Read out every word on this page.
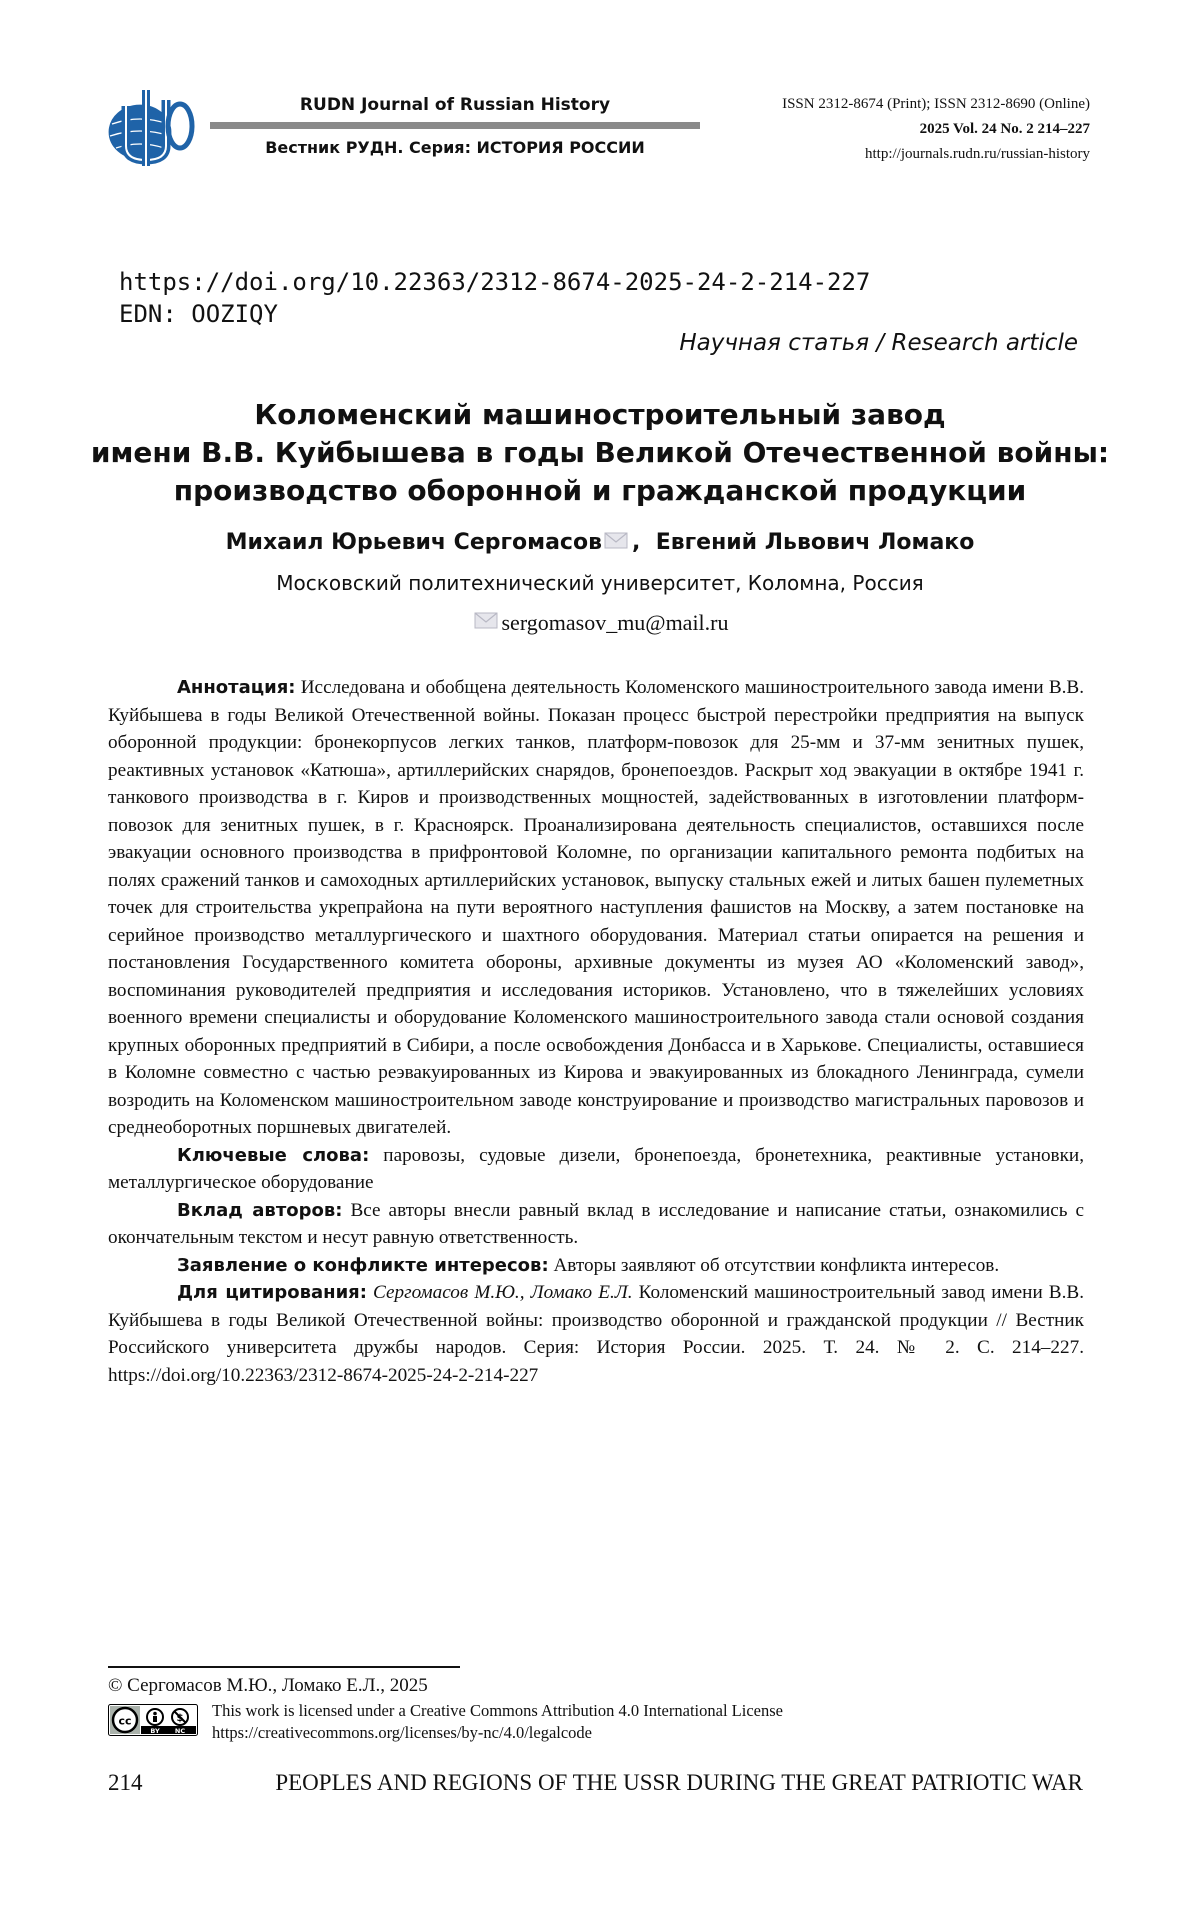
RUDN Journal of Russian History
Вестник РУДН. Серия: ИСТОРИЯ РОССИИ
ISSN 2312-8674 (Print); ISSN 2312-8690 (Online)
2025 Vol. 24 No. 2 214–227
http://journals.rudn.ru/russian-history
https://doi.org/10.22363/2312-8674-2025-24-2-214-227
EDN: OOZIQY
Научная статья / Research article
Коломенский машиностроительный завод
имени В.В. Куйбышева в годы Великой Отечественной войны:
производство оборонной и гражданской продукции
Михаил Юрьевич Сергомасов , Евгений Львович Ломако
Московский политехнический университет, Коломна, Россия
sergomasov_mu@mail.ru

Аннотация: Исследована и обобщена деятельность Коломенского машиностроительного завода имени В.В. Куйбышева в годы Великой Отечественной войны. Показан процесс быстрой перестройки предприятия на выпуск оборонной продукции: бронекорпусов легких танков, платформ-повозок для 25-мм и 37-мм зенитных пушек, реактивных установок «Катюша», артиллерийских снарядов, бронепоездов. Раскрыт ход эвакуации в октябре 1941 г. танкового производства в г. Киров и производственных мощностей, задействованных в изготовлении платформ-повозок для зенитных пушек, в г. Красноярск. Проанализирована деятельность специалистов, оставшихся после эвакуации основного производства в прифронтовой Коломне, по организации капитального ремонта подбитых на полях сражений танков и самоходных артиллерийских установок, выпуску стальных ежей и литых башен пулеметных точек для строительства укрепрайона на пути вероятного наступления фашистов на Москву, а затем постановке на серийное производство металлургического и шахтного оборудования. Материал статьи опирается на решения и постановления Государственного комитета обороны, архивные документы из музея АО «Коломенский завод», воспоминания руководителей предприятия и исследования историков. Установлено, что в тяжелейших условиях военного времени специалисты и оборудование Коломенского машиностроительного завода стали основой создания крупных оборонных предприятий в Сибири, а после освобождения Донбасса и в Харькове. Специалисты, оставшиеся в Коломне совместно с частью реэвакуированных из Кирова и эвакуированных из блокадного Ленинграда, сумели возродить на Коломенском машиностроительном заводе конструирование и производство магистральных паровозов и среднеоборотных поршневых двигателей.

Ключевые слова: паровозы, судовые дизели, бронепоезда, бронетехника, реактивные установки, металлургическое оборудование

Вклад авторов: Все авторы внесли равный вклад в исследование и написание статьи, ознакомились с окончательным текстом и несут равную ответственность.

Заявление о конфликте интересов: Авторы заявляют об отсутствии конфликта интересов.

Для цитирования: Сергомасов М.Ю., Ломако Е.Л. Коломенский машиностроительный завод имени В.В. Куйбышева в годы Великой Отечественной войны: производство оборонной и гражданской продукции // Вестник Российского университета дружбы народов. Серия: История России. 2025. Т. 24. № 2. С. 214–227. https://doi.org/10.22363/2312-8674-2025-24-2-214-227

© Сергомасов М.Ю., Ломако Е.Л., 2025
cc	$
BY NC
This work is licensed under a Creative Commons Attribution 4.0 International License
https://creativecommons.org/licenses/by-nc/4.0/legalcode
214	PEOPLES AND REGIONS OF THE USSR DURING THE GREAT PATRIOTIC WAR
